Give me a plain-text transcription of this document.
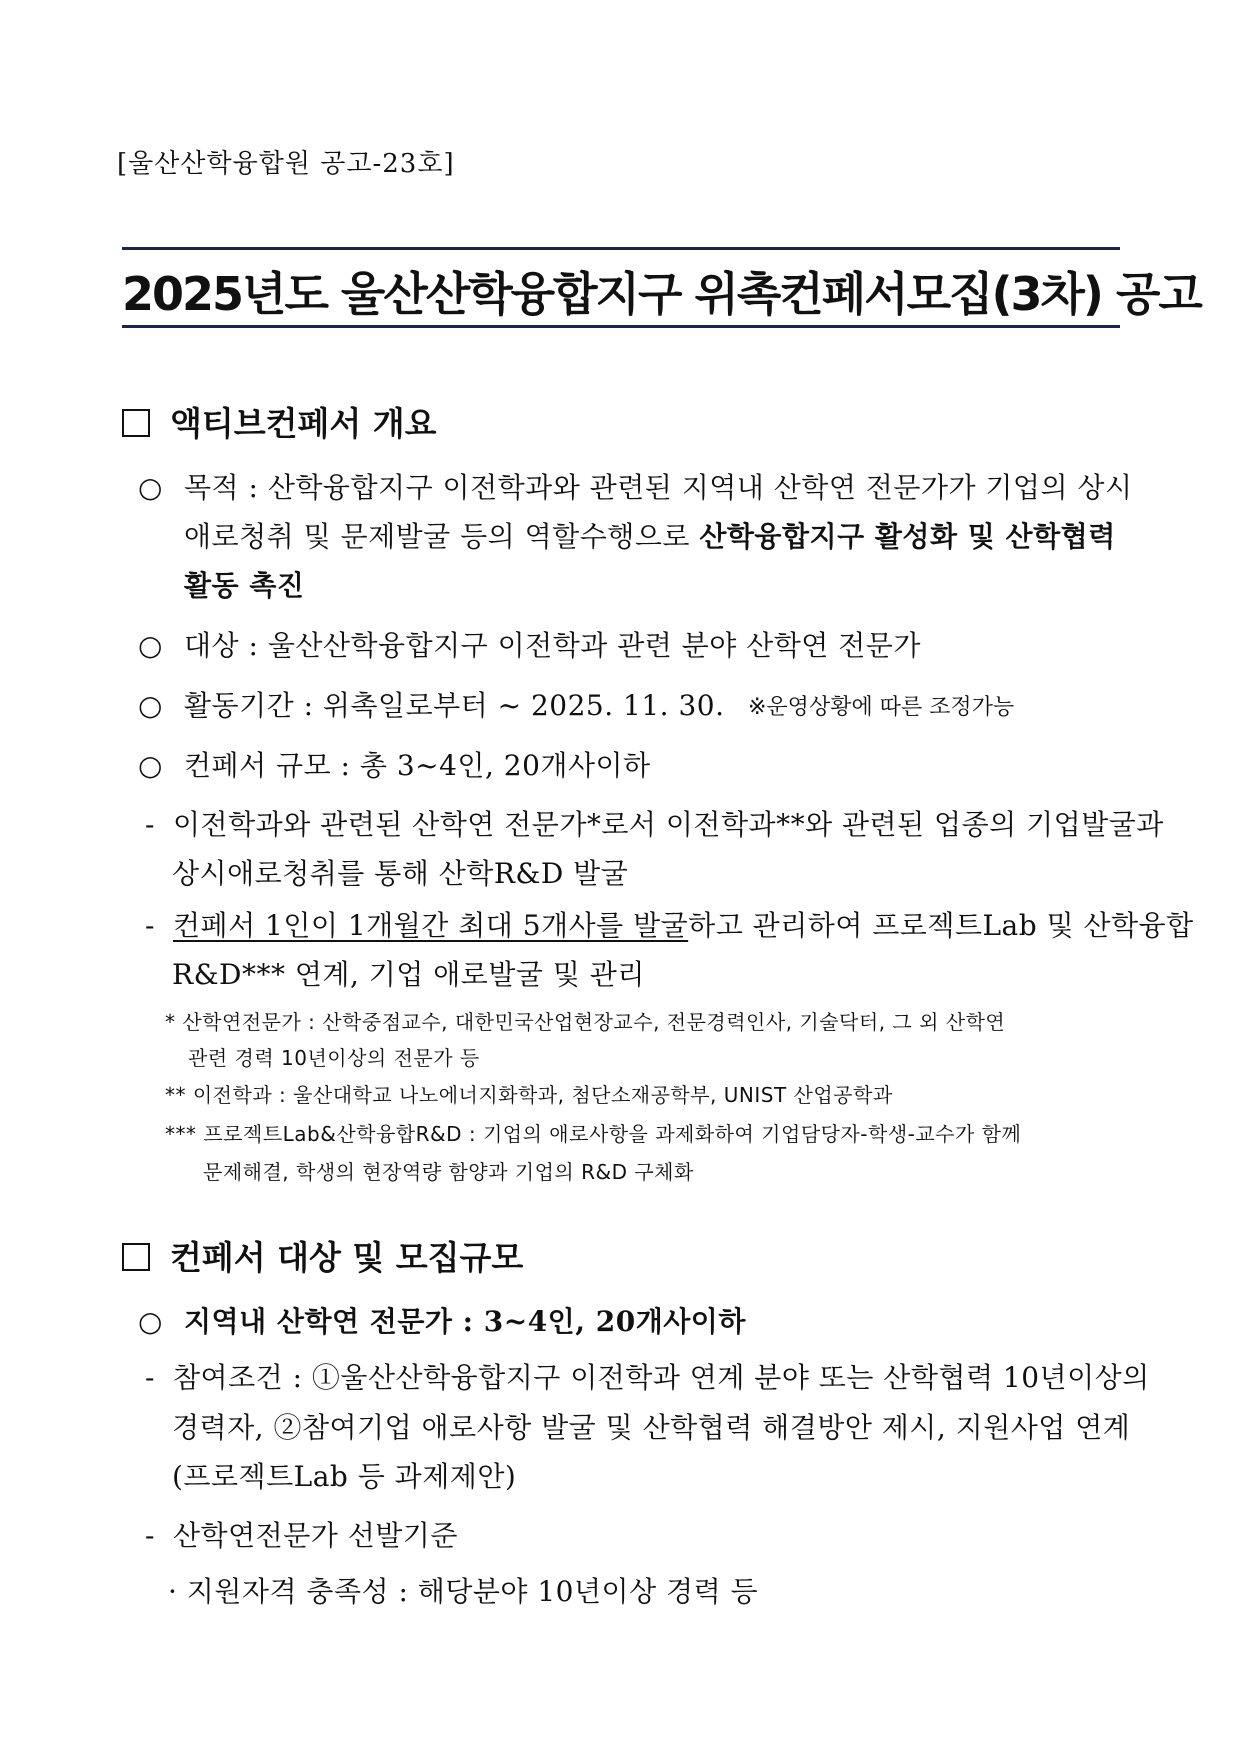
[울산산학융합원 공고-23호]
2025년도 울산산학융합지구 위촉컨페서모집(3차) 공고
액티브컨페서 개요
○ 목적 : 산학융합지구 이전학과와 관련된 지역내 산학연 전문가가 기업의 상시
애로청취 및 문제발굴 등의 역할수행으로 산학융합지구 활성화 및 산학협력
활동 촉진
○ 대상 : 울산산학융합지구 이전학과 관련 분야 산학연 전문가
○ 활동기간 : 위촉일로부터 ~ 2025. 11. 30. ※운영상황에 따른 조정가능
○ 컨페서 규모 : 총 3~4인, 20개사이하
- 이전학과와 관련된 산학연 전문가*로서 이전학과**와 관련된 업종의 기업발굴과
상시애로청취를 통해 산학R&D 발굴
- 컨페서 1인이 1개월간 최대 5개사를 발굴하고 관리하여 프로젝트Lab 및 산학융합
R&D*** 연계, 기업 애로발굴 및 관리
* 산학연전문가 : 산학중점교수, 대한민국산업현장교수, 전문경력인사, 기술닥터, 그 외 산학연
관련 경력 10년이상의 전문가 등
** 이전학과 : 울산대학교 나노에너지화학과, 첨단소재공학부, UNIST 산업공학과
*** 프로젝트Lab&산학융합R&D : 기업의 애로사항을 과제화하여 기업담당자-학생-교수가 함께
문제해결, 학생의 현장역량 함양과 기업의 R&D 구체화
컨페서 대상 및 모집규모
○ 지역내 산학연 전문가 : 3~4인, 20개사이하
- 참여조건 : ①울산산학융합지구 이전학과 연계 분야 또는 산학협력 10년이상의
경력자, ②참여기업 애로사항 발굴 및 산학협력 해결방안 제시, 지원사업 연계
(프로젝트Lab 등 과제제안)
- 산학연전문가 선발기준
· 지원자격 충족성 : 해당분야 10년이상 경력 등
